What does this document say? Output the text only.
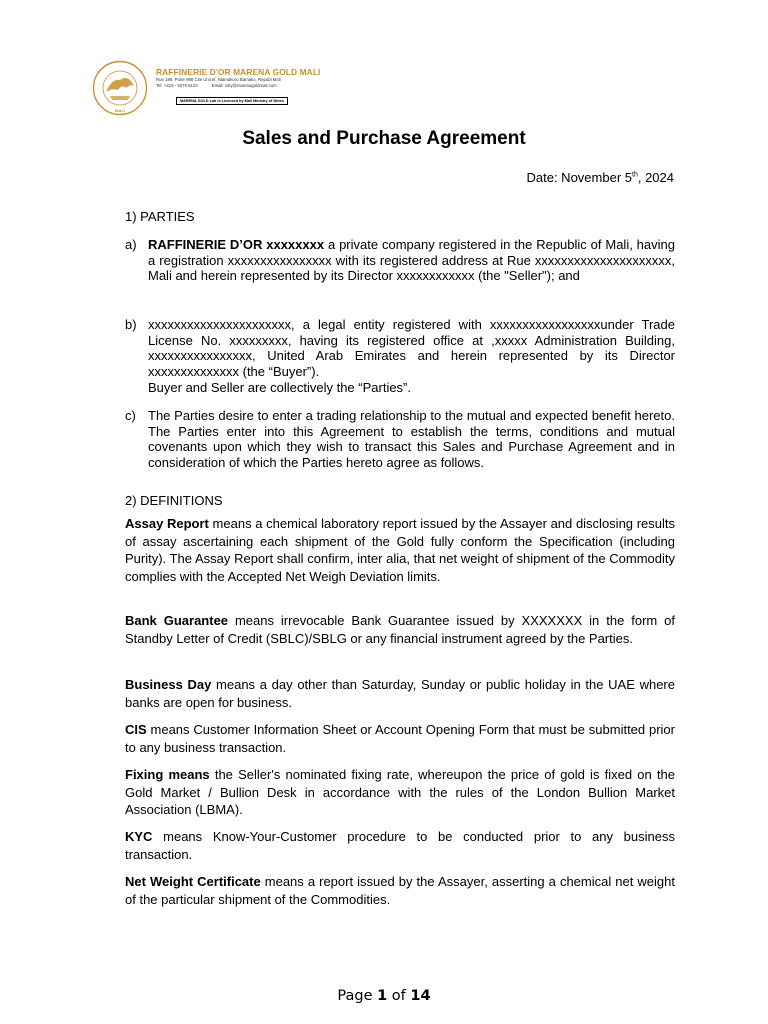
MALI
RAFFINERIE D'OR MARENA GOLD MALI
Rue 199, Porte 988 Cite Unicef, Niamakoro Bamako, Republ Mali
Tel: +223 - 9379 8123	Email: siby@marenagoldmali.com
MARENA GOLD Lab is Licensed by Mali Ministry of Mines
Sales and Purchase Agreement
Date: November 5th, 2024
1) PARTIES
a) RAFFINERIE D’OR xxxxxxxx a private company registered in the Republic of Mali, having a registration xxxxxxxxxxxxxxxx with its registered address at Rue xxxxxxxxxxxxxxxxxxxxx, Mali and herein represented by its Director xxxxxxxxxxxx (the "Seller"); and
b) xxxxxxxxxxxxxxxxxxxxxx, a legal entity registered with xxxxxxxxxxxxxxxxxunder Trade License No. xxxxxxxxx, having its registered office at ,xxxxx Administration Building, xxxxxxxxxxxxxxxx, United Arab Emirates and herein represented by its Director xxxxxxxxxxxxxx (the “Buyer”).
Buyer and Seller are collectively the “Parties”.
c) The Parties desire to enter a trading relationship to the mutual and expected benefit hereto. The Parties enter into this Agreement to establish the terms, conditions and mutual covenants upon which they wish to transact this Sales and Purchase Agreement and in consideration of which the Parties hereto agree as follows.
2) DEFINITIONS
Assay Report means a chemical laboratory report issued by the Assayer and disclosing results of assay ascertaining each shipment of the Gold fully conform the Specification (including Purity). The Assay Report shall confirm, inter alia, that net weight of shipment of the Commodity complies with the Accepted Net Weigh Deviation limits.
Bank Guarantee means irrevocable Bank Guarantee issued by XXXXXXX in the form of Standby Letter of Credit (SBLC)/SBLG or any financial instrument agreed by the Parties.
Business Day means a day other than Saturday, Sunday or public holiday in the UAE where banks are open for business.
CIS means Customer Information Sheet or Account Opening Form that must be submitted prior to any business transaction.
Fixing means the Seller's nominated fixing rate, whereupon the price of gold is fixed on the Gold Market / Bullion Desk in accordance with the rules of the London Bullion Market Association (LBMA).
KYC means Know-Your-Customer procedure to be conducted prior to any business transaction.
Net Weight Certificate means a report issued by the Assayer, asserting a chemical net weight of the particular shipment of the Commodities.
Page 1 of 14
